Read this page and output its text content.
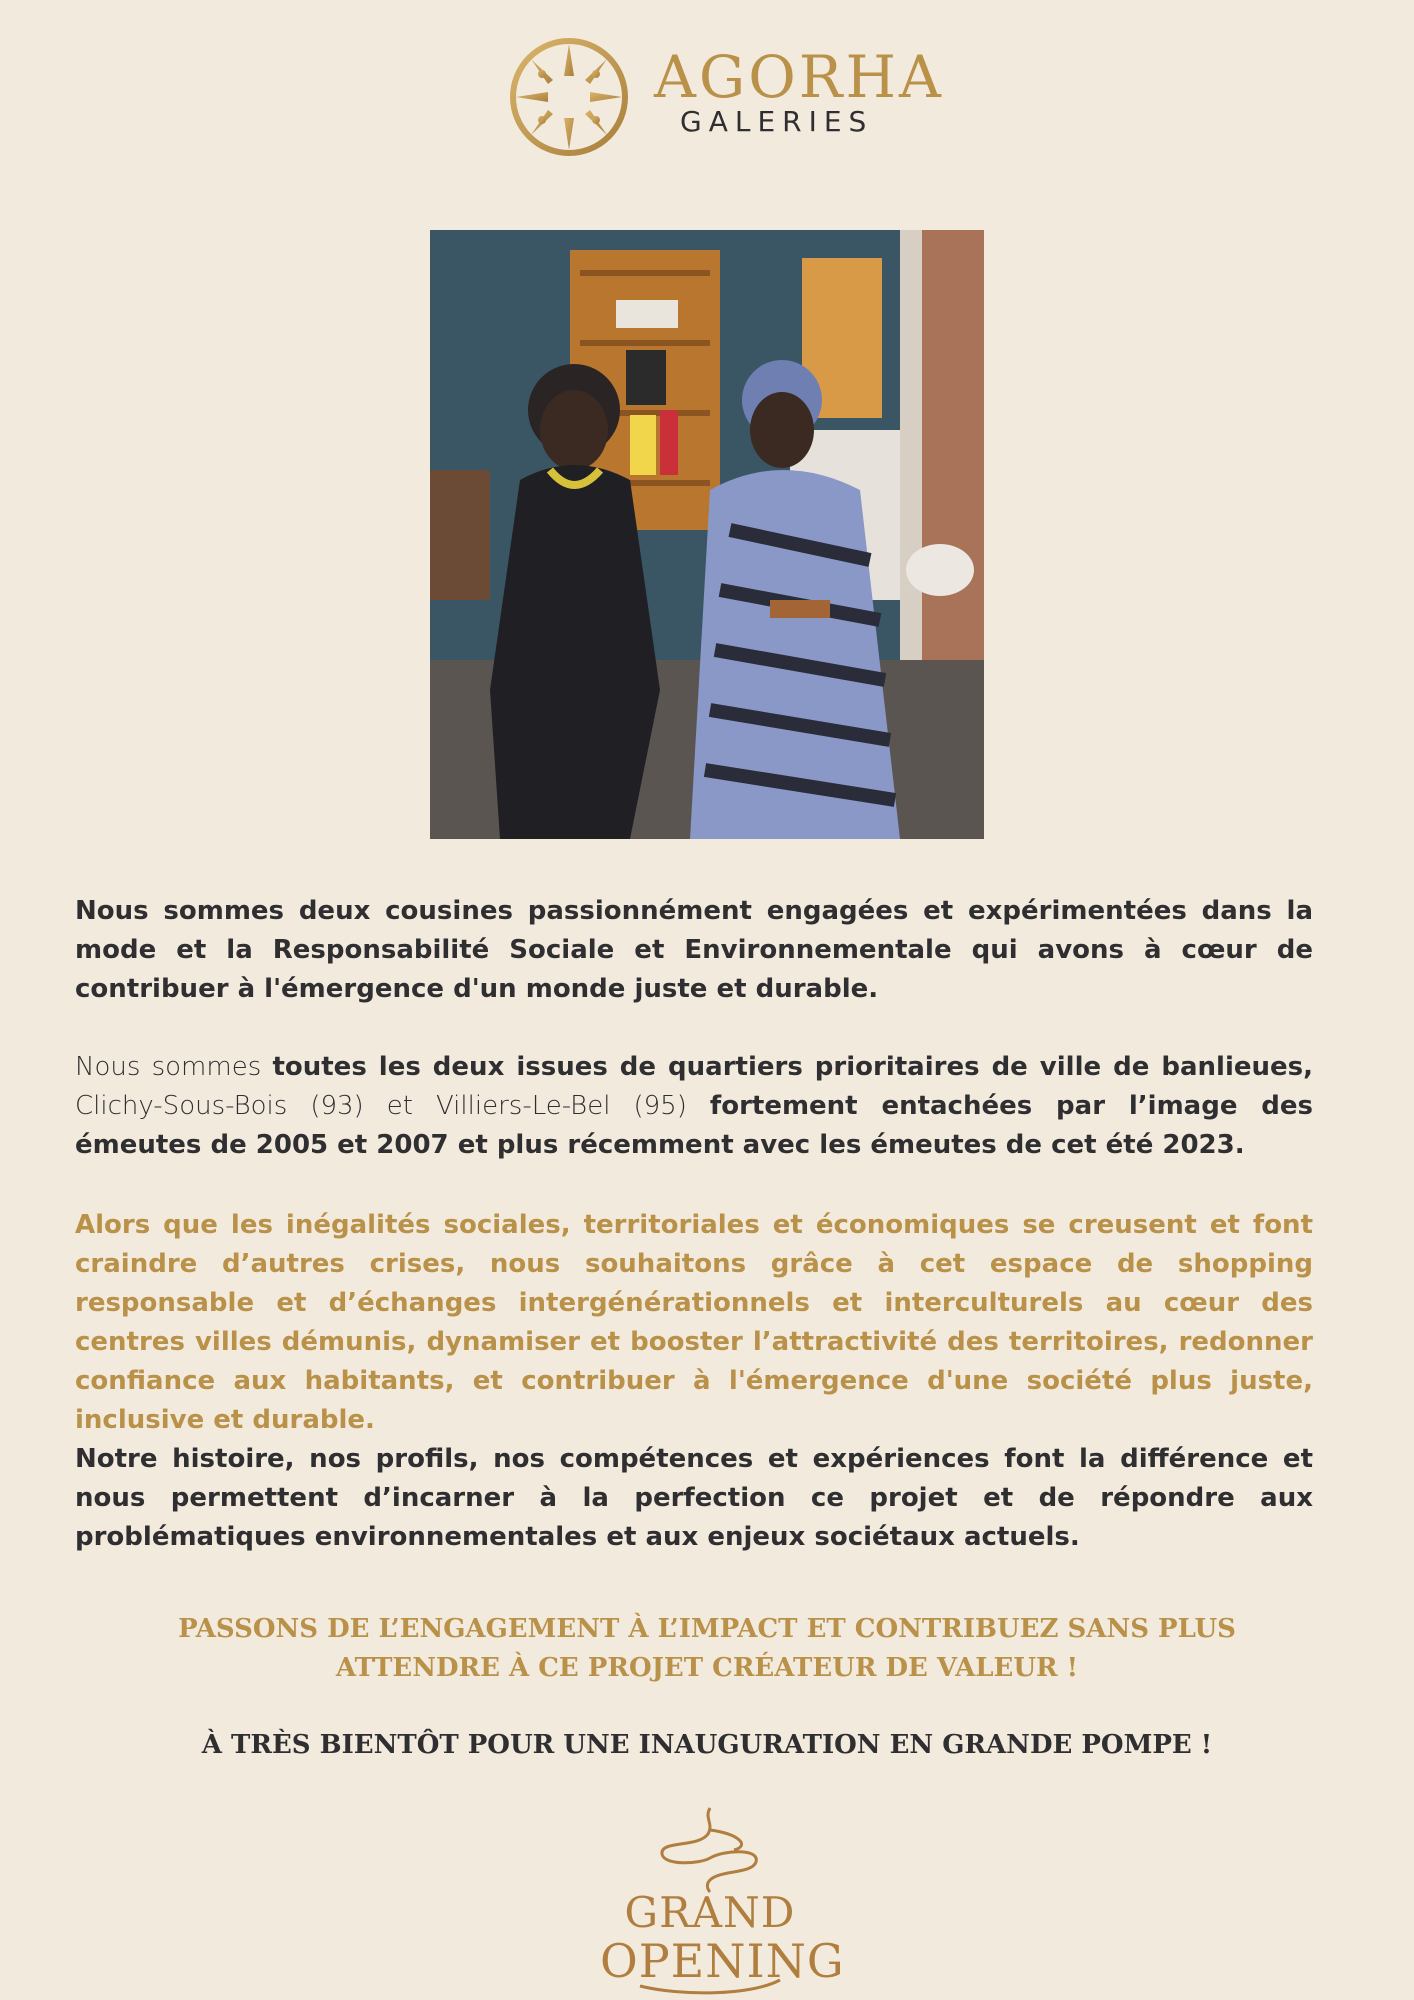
AGORHA
GALERIES

Nous sommes deux cousines passionnément engagées et expérimentées dans la mode et la Responsabilité Sociale et Environnementale qui avons à cœur de contribuer à l'émergence d'un monde juste et durable.

Nous sommes toutes les deux issues de quartiers prioritaires de ville de banlieues, Clichy-Sous-Bois (93) et Villiers-Le-Bel (95) fortement entachées par l’image des émeutes de 2005 et 2007 et plus récemment avec les émeutes de cet été 2023.

Alors que les inégalités sociales, territoriales et économiques se creusent et font craindre d’autres crises, nous souhaitons grâce à cet espace de shopping responsable et d’échanges intergénérationnels et interculturels au cœur des centres villes démunis, dynamiser et booster l’attractivité des territoires, redonner confiance aux habitants, et contribuer à l'émergence d'une société plus juste, inclusive et durable.

Notre histoire, nos profils, nos compétences et expériences font la différence et nous permettent d’incarner à la perfection ce projet et de répondre aux problématiques environnementales et aux enjeux sociétaux actuels.

PASSONS DE L’ENGAGEMENT À L’IMPACT ET CONTRIBUEZ SANS PLUS ATTENDRE À CE PROJET CRÉATEUR DE VALEUR !

À TRÈS BIENTÔT POUR UNE INAUGURATION EN GRANDE POMPE !

GRAND
OPENING
